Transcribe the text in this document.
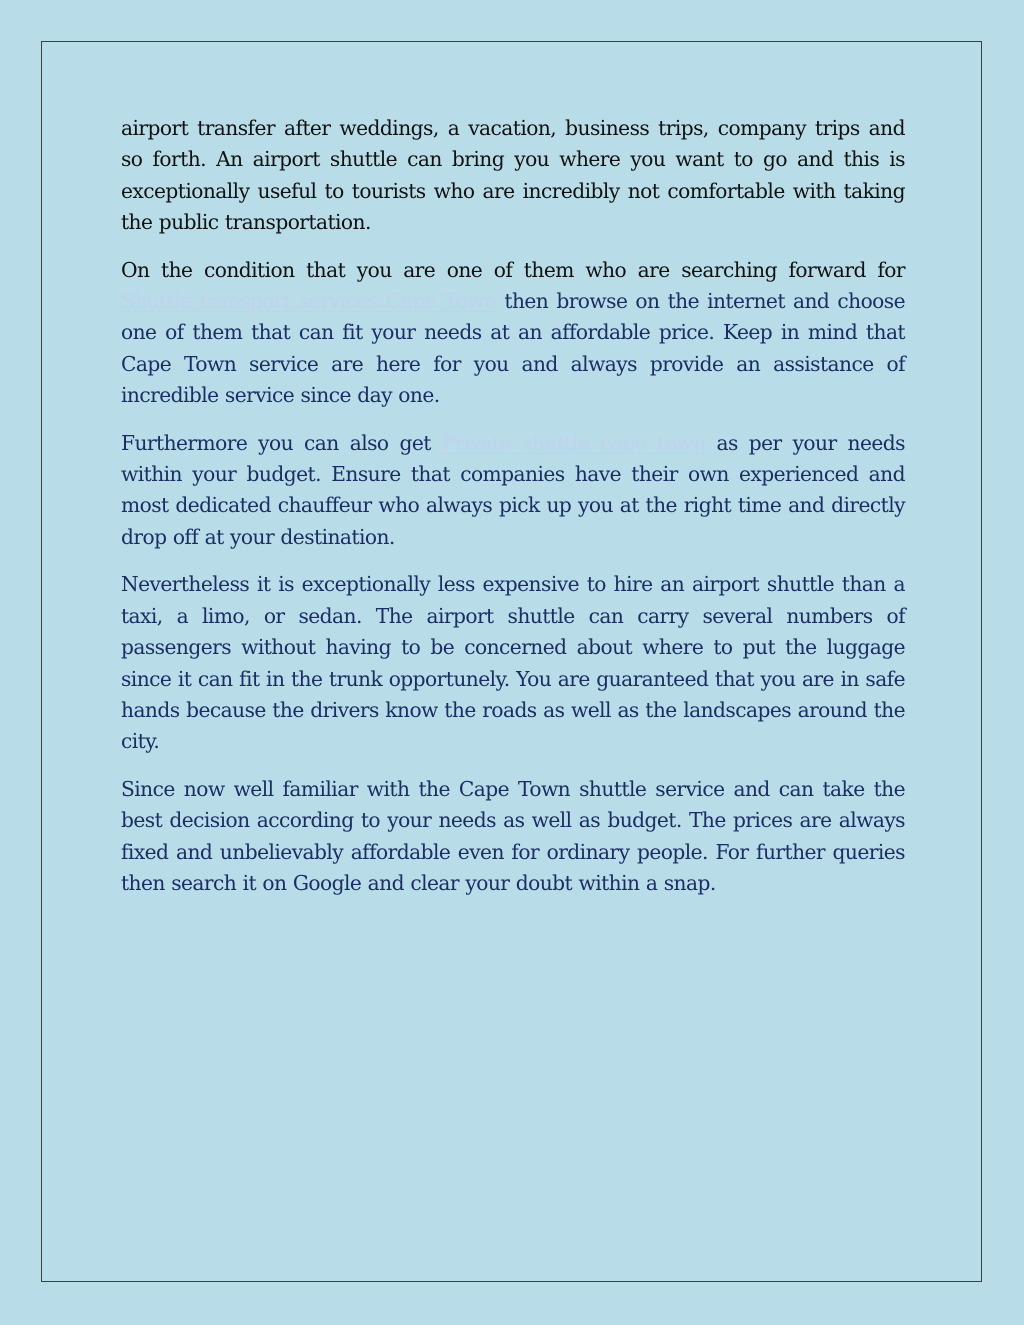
airport transfer after weddings, a vacation, business trips, company trips and so forth. An airport shuttle can bring you where you want to go and this is exceptionally useful to tourists who are incredibly not comfortable with taking the public transportation.

On the condition that you are one of them who are searching forward for Shuttle transport services Cape Town then browse on the internet and choose one of them that can fit your needs at an affordable price. Keep in mind that Cape Town service are here for you and always provide an assistance of incredible service since day one.

Furthermore you can also get Private shuttle cape town as per your needs within your budget. Ensure that companies have their own experienced and most dedicated chauffeur who always pick up you at the right time and directly drop off at your destination.

Nevertheless it is exceptionally less expensive to hire an airport shuttle than a taxi, a limo, or sedan. The airport shuttle can carry several numbers of passengers without having to be concerned about where to put the luggage since it can fit in the trunk opportunely. You are guaranteed that you are in safe hands because the drivers know the roads as well as the landscapes around the city.

Since now well familiar with the Cape Town shuttle service and can take the best decision according to your needs as well as budget. The prices are always fixed and unbelievably affordable even for ordinary people. For further queries then search it on Google and clear your doubt within a snap.
